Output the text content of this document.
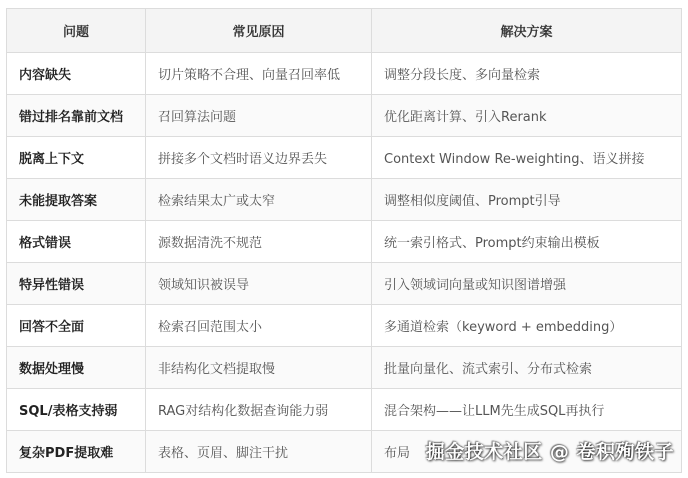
问题	常见原因	解决方案
内容缺失	切片策略不合理、向量召回率低	调整分段长度、多向量检索
错过排名靠前文档	召回算法问题	优化距离计算、引入Rerank
脱离上下文	拼接多个文档时语义边界丢失	Context Window Re-weighting、语义拼接
未能提取答案	检索结果太广或太窄	调整相似度阈值、Prompt引导
格式错误	源数据清洗不规范	统一索引格式、Prompt约束输出模板
特异性错误	领域知识被误导	引入领域词向量或知识图谱增强
回答不全面	检索召回范围太小	多通道检索（keyword + embedding）
数据处理慢	非结构化文档提取慢	批量向量化、流式索引、分布式检索
SQL/表格支持弱	RAG对结构化数据查询能力弱	混合架构——让LLM先生成SQL再执行
复杂PDF提取难	表格、页眉、脚注干扰	布局 掘金技术社区 @ 卷积殉铁子
